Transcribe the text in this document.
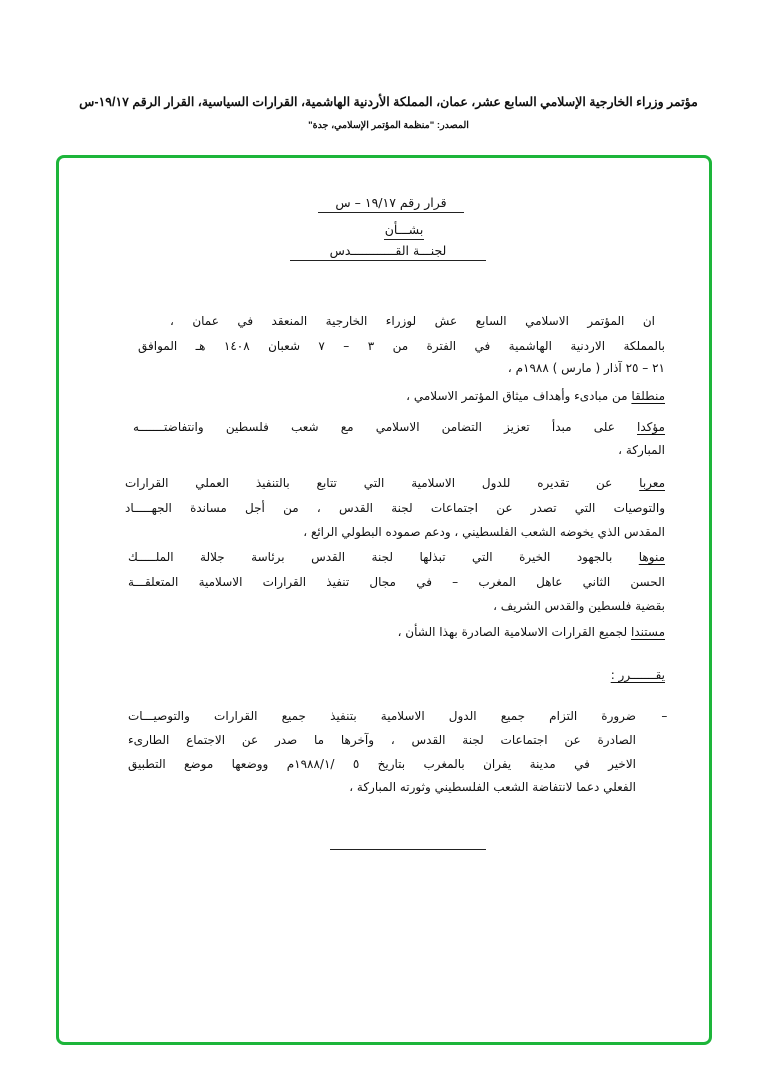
مؤتمر وزراء الخارجية الإسلامي السابع عشر، عمان، المملكة الأردنية الهاشمية، القرارات السياسية، القرار الرقم ١٩/١٧-س
المصدر: "منظمة المؤتمر الإسلامي، جدة"
قرار رقم ١٩/١٧ – س
بشـــأن
لجنـــة القــــــــــــدس
ان المؤتمر الاسلامي السابع عش لوزراء الخارجية المنعقد في عمان ،
بالمملكة الاردنية الهاشمية في الفترة من ٣ – ٧ شعبان ١٤٠٨ هـ الموافق
٢١ – ٢٥ آذار ( مارس ) ١٩٨٨م ،
منطلقا من مبادىء وأهداف ميثاق المؤتمر الاسلامي ،
مؤكدا على مبدأ تعزيز التضامن الاسلامي مع شعب فلسطين وانتفاضتـــــــه
المباركة ،
معربا عن تقديره للدول الاسلامية التي تتابع بالتنفيذ العملي القرارات
والتوصيات التي تصدر عن اجتماعات لجنة القدس ، من أجل مساندة الجهـــــاد
المقدس الذي يخوضه الشعب الفلسطيني ، ودعم صموده البطولي الرائع ،
منوها بالجهود الخيرة التي تبذلها لجنة القدس برئاسة جلالة الملـــــك
الحسن الثاني عاهل المغرب – في مجال تنفيذ القرارات الاسلامية المتعلقـــة
بقضية فلسطين والقدس الشريف ،
مستندا لجميع القرارات الاسلامية الصادرة بهذا الشأن ،
يقـــــــرر :
–
ضرورة التزام جميع الدول الاسلامية بتنفيذ جميع القرارات والتوصيـــات
الصادرة عن اجتماعات لجنة القدس ، وآخرها ما صدر عن الاجتماع الطارىء
الاخير في مدينة يفران بالمغرب بتاريخ ٥ /١٩٨٨/١م ووضعها موضع التطبيق
الفعلي دعما لانتفاضة الشعب الفلسطيني وثورته المباركة ،
